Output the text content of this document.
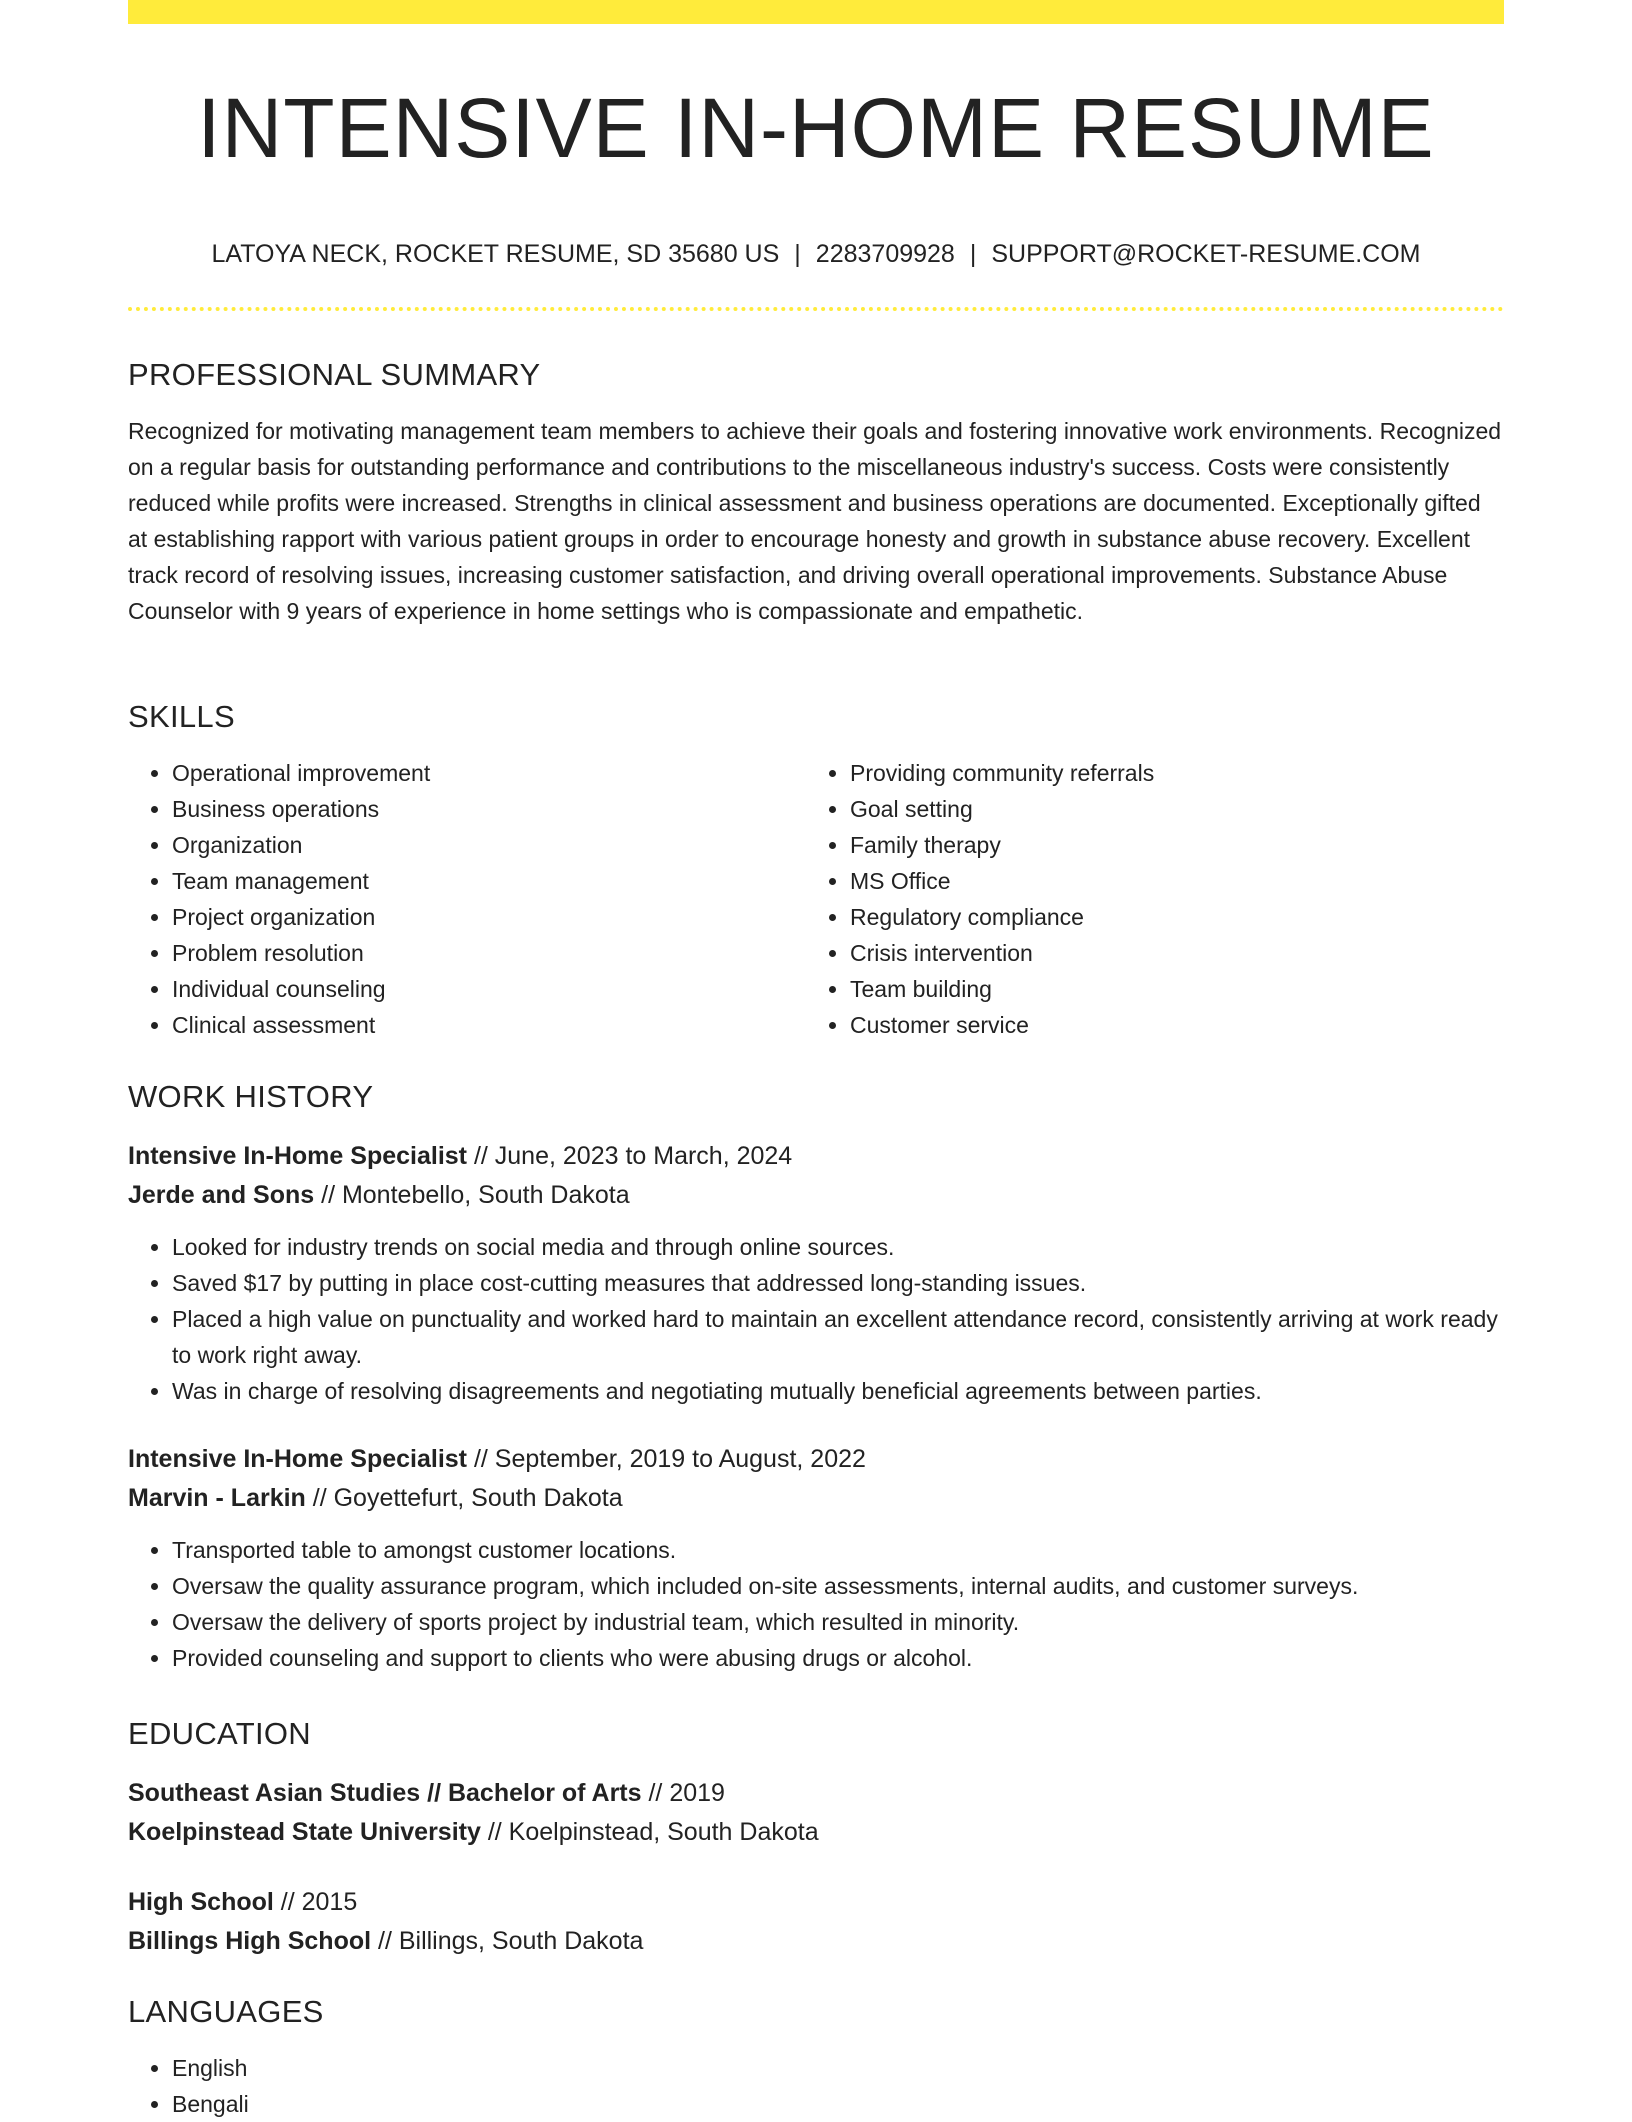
INTENSIVE IN-HOME RESUME
LATOYA NECK, ROCKET RESUME, SD 35680 US | 2283709928 | SUPPORT@ROCKET-RESUME.COM
PROFESSIONAL SUMMARY

Recognized for motivating management team members to achieve their goals and fostering innovative work environments. Recognized on a regular basis for outstanding performance and contributions to the miscellaneous industry's success. Costs were consistently reduced while profits were increased. Strengths in clinical assessment and business operations are documented. Exceptionally gifted at establishing rapport with various patient groups in order to encourage honesty and growth in substance abuse recovery. Excellent track record of resolving issues, increasing customer satisfaction, and driving overall operational improvements. Substance Abuse Counselor with 9 years of experience in home settings who is compassionate and empathetic.

SKILLS
• Operational improvement
• Business operations
• Organization
• Team management
• Project organization
• Problem resolution
• Individual counseling
• Clinical assessment
• Providing community referrals
• Goal setting
• Family therapy
• MS Office
• Regulatory compliance
• Crisis intervention
• Team building
• Customer service
WORK HISTORY
Intensive In-Home Specialist // June, 2023 to March, 2024
Jerde and Sons // Montebello, South Dakota
• Looked for industry trends on social media and through online sources.
• Saved $17 by putting in place cost-cutting measures that addressed long-standing issues.
• Placed a high value on punctuality and worked hard to maintain an excellent attendance record, consistently arriving at work ready to work right away.
• Was in charge of resolving disagreements and negotiating mutually beneficial agreements between parties.
Intensive In-Home Specialist // September, 2019 to August, 2022
Marvin - Larkin // Goyettefurt, South Dakota
• Transported table to amongst customer locations.
• Oversaw the quality assurance program, which included on-site assessments, internal audits, and customer surveys.
• Oversaw the delivery of sports project by industrial team, which resulted in minority.
• Provided counseling and support to clients who were abusing drugs or alcohol.
EDUCATION
Southeast Asian Studies // Bachelor of Arts // 2019
Koelpinstead State University // Koelpinstead, South Dakota
High School // 2015
Billings High School // Billings, South Dakota
LANGUAGES
• English
• Bengali
